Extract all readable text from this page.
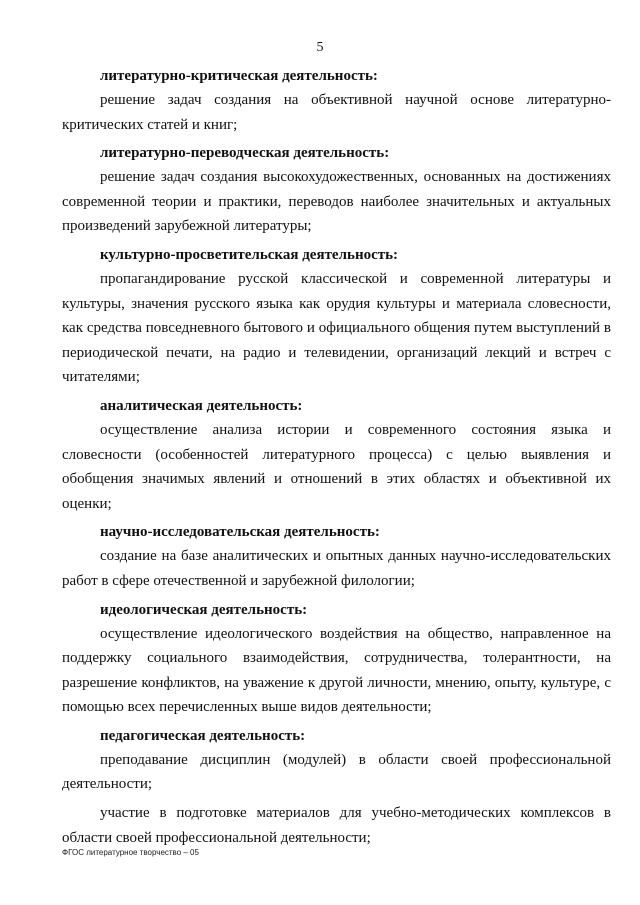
5

литературно-критическая деятельность:

решение задач создания на объективной научной основе литературно-критических статей и книг;

литературно-переводческая деятельность:

решение задач создания высокохудожественных, основанных на достижениях современной теории и практики, переводов наиболее значительных и актуальных произведений зарубежной литературы;

культурно-просветительская деятельность:

пропагандирование русской классической и современной литературы и культуры, значения русского языка как орудия культуры и материала словесности, как средства повседневного бытового и официального общения путем выступлений в периодической печати, на радио и телевидении, организаций лекций и встреч с читателями;

аналитическая деятельность:

осуществление анализа истории и современного состояния языка и словесности (особенностей литературного процесса) с целью выявления и обобщения значимых явлений и отношений в этих областях и объективной их оценки;

научно-исследовательская деятельность:

создание на базе аналитических и опытных данных научно-исследовательских работ в сфере отечественной и зарубежной филологии;

идеологическая деятельность:

осуществление идеологического воздействия на общество, направленное на поддержку социального взаимодействия, сотрудничества, толерантности, на разрешение конфликтов, на уважение к другой личности, мнению, опыту, культуре, с помощью всех перечисленных выше видов деятельности;

педагогическая деятельность:

преподавание дисциплин (модулей) в области своей профессиональной деятельности;

участие в подготовке материалов для учебно-методических комплексов в области своей профессиональной деятельности;

ФГОС литературное творчество – 05
